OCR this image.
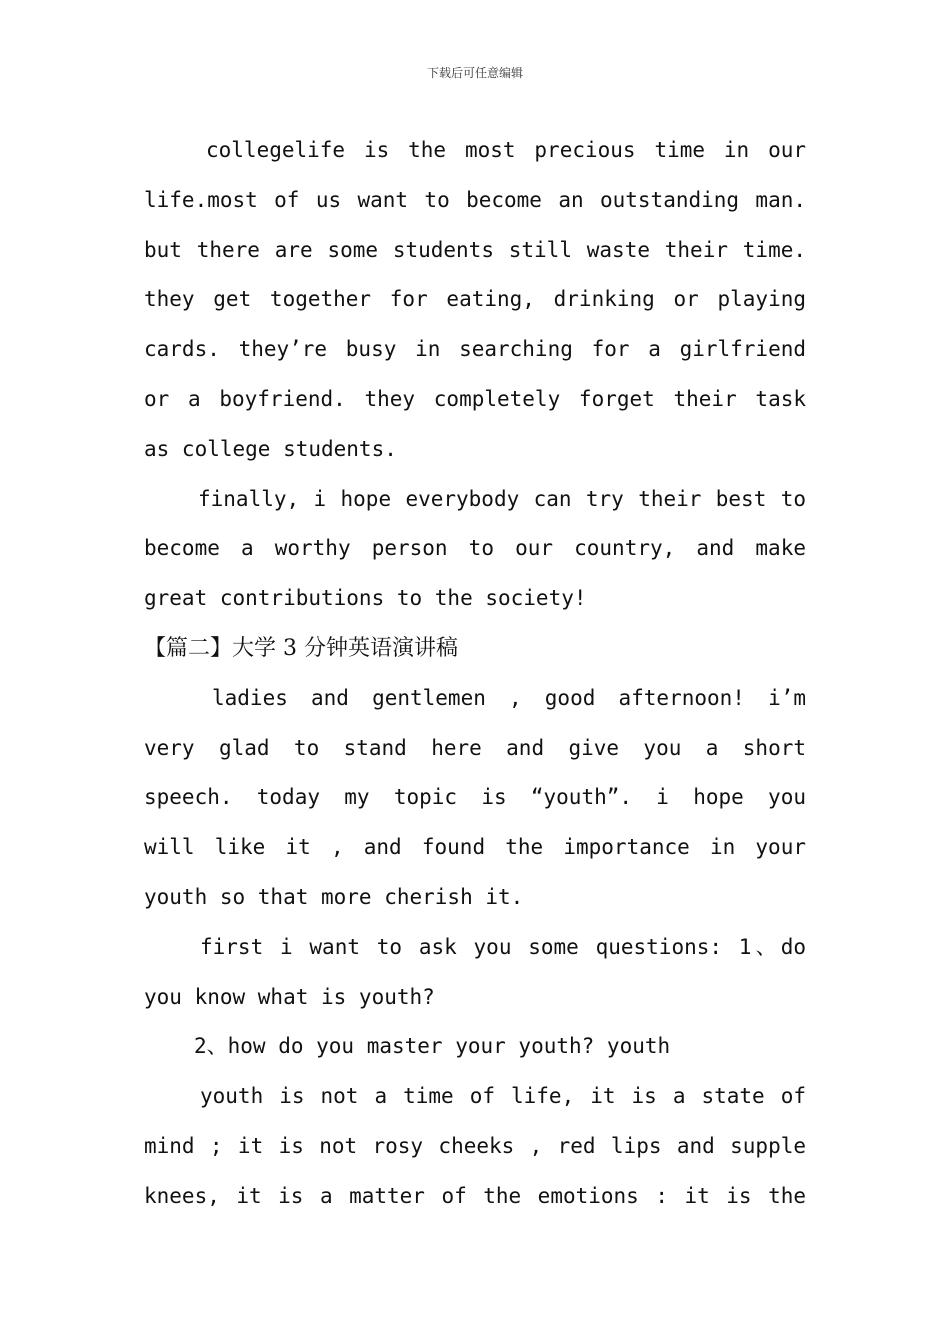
下载后可任意编辑
collegelife is the most precious time in our
life.most of us want to become an outstanding man.
but there are some students still waste their time.
they get together for eating, drinking or playing
cards. they’re busy in searching for a girlfriend
or a boyfriend. they completely forget their task
as college students.
finally, i hope everybody can try their best to
become a worthy person to our country, and make
great contributions to the society!
【篇二】大学 3 分钟英语演讲稿
ladies and gentlemen , good afternoon! i’m
very glad to stand here and give you a short
speech. today my topic is “youth”. i hope you
will like it , and found the importance in your
youth so that more cherish it.
first i want to ask you some questions: 1、do
you know what is youth?
2、how do you master your youth? youth
youth is not a time of life, it is a state of
mind ; it is not rosy cheeks , red lips and supple
knees, it is a matter of the emotions : it is the
